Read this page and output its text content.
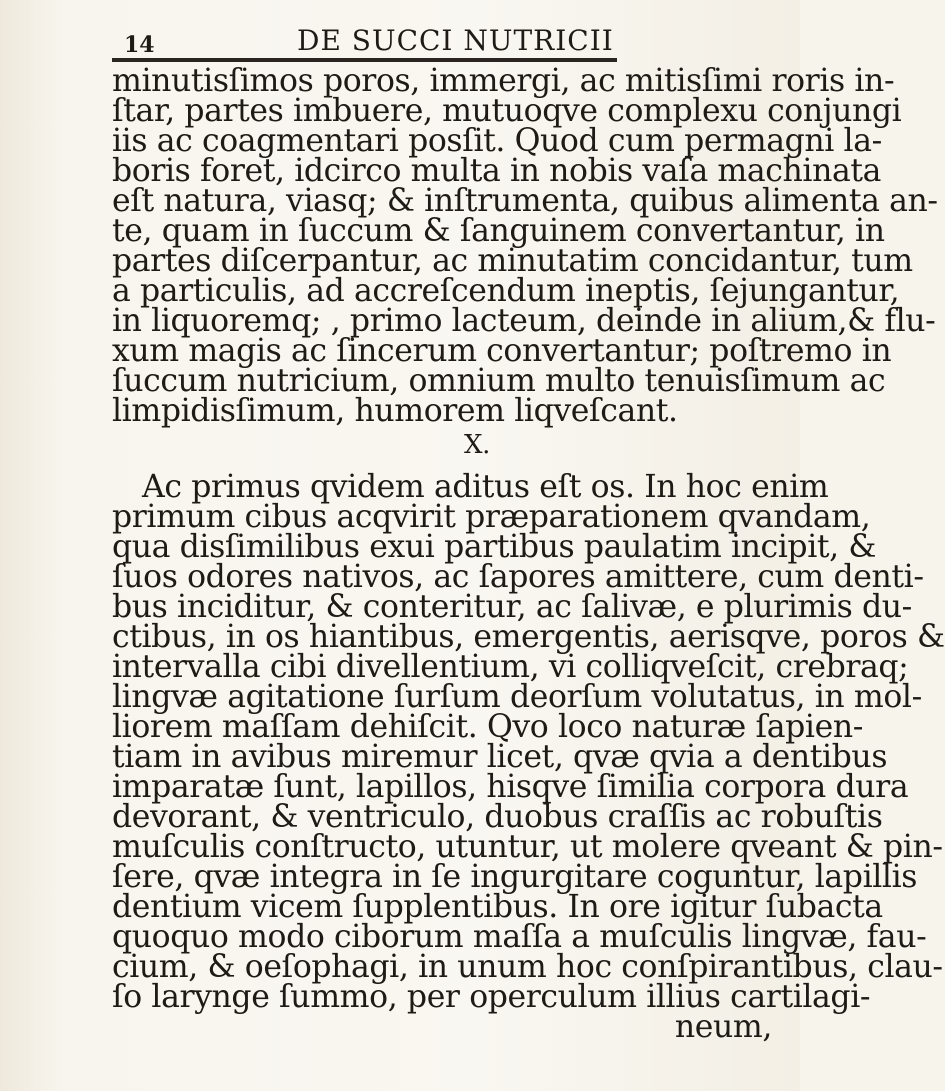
14	DE SUCCI NUTRICII
minutisſimos poros, immergi, ac mitisſimi roris in-
ſtar, partes imbuere, mutuoqve complexu conjungi
iis ac coagmentari posſit. Quod cum permagni la-
boris foret, idcirco multa in nobis vaſa machinata
eſt natura, viasq; & inſtrumenta, quibus alimenta an-
te, quam in ſuccum & ſanguinem convertantur, in
partes diſcerpantur, ac minutatim concidantur, tum
a particulis, ad accreſcendum ineptis, ſejungantur,
in liquoremq; , primo lacteum, deinde in alium,& flu-
xum magis ac ſincerum convertantur; poſtremo in
ſuccum nutricium, omnium multo tenuisſimum ac
limpidisſimum, humorem liqveſcant.
X.
Ac primus qvidem aditus eſt os. In hoc enim
primum cibus acqvirit præparationem qvandam,
qua disſimilibus exui partibus paulatim incipit, &
ſuos odores nativos, ac ſapores amittere, cum denti-
bus inciditur, & conteritur, ac ſalivæ, e plurimis du-
ctibus, in os hiantibus, emergentis, aerisqve, poros &
intervalla cibi divellentium, vi colliqveſcit, crebraq;
lingvæ agitatione ſurſum deorſum volutatus, in mol-
liorem maſſam dehiſcit. Qvo loco naturæ ſapien-
tiam in avibus miremur licet, qvæ qvia a dentibus
imparatæ ſunt, lapillos, hisqve ſimilia corpora dura
devorant, & ventriculo, duobus craſſis ac robuſtis
muſculis conſtructo, utuntur, ut molere qveant & pin-
ſere, qvæ integra in ſe ingurgitare coguntur, lapillis
dentium vicem ſupplentibus. In ore igitur ſubacta
quoquo modo ciborum maſſa a muſculis lingvæ, fau-
cium, & oeſophagi, in unum hoc conſpirantibus, clau-
ſo larynge ſummo, per operculum illius cartilagi-
neum,
